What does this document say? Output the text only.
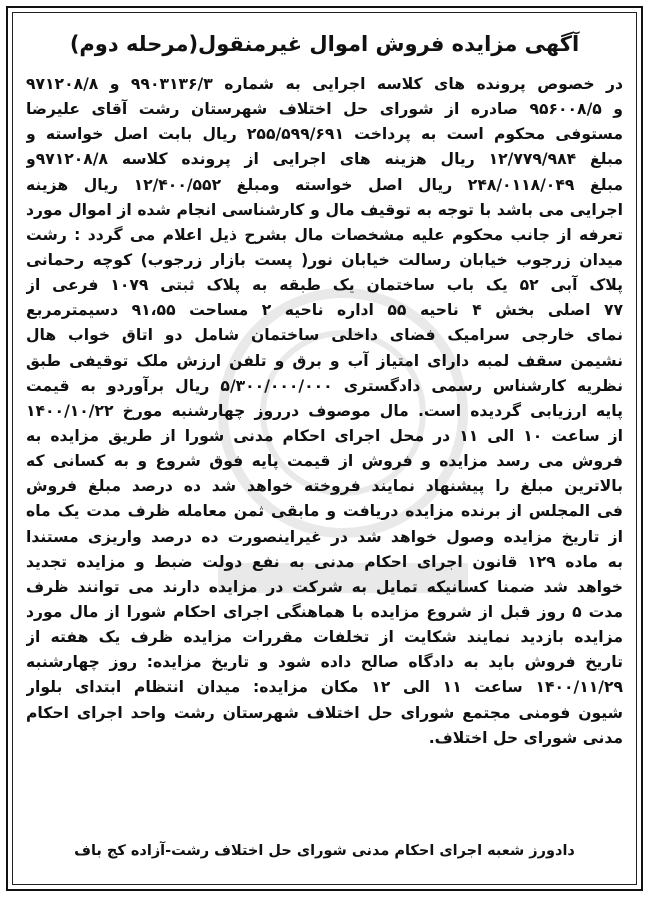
آگهی مزایده فروش اموال غیرمنقول(مرحله دوم)
در خصوص پرونده های کلاسه اجرایی به شماره ۹۹۰۳۱۳۶/۳ و ۹۷۱۲۰۸/۸
و ۹۵۶۰۰۸/۵ صادره از شورای حل اختلاف شهرستان رشت آقای علیرضا
مستوفی محکوم است به پرداخت ۲۵۵/۵۹۹/۶۹۱ ریال بابت اصل خواسته و
مبلغ ۱۲/۷۷۹/۹۸۴ ریال هزینه های اجرایی از پرونده کلاسه ۹۷۱۲۰۸/۸و
مبلغ ۲۴۸/۰۱۱۸/۰۴۹ ریال اصل خواسته ومبلغ ۱۲/۴۰۰/۵۵۲ ریال هزینه
اجرایی می باشد با توجه به توقیف مال و کارشناسی انجام شده از اموال مورد
تعرفه از جانب محکوم علیه مشخصات مال بشرح ذیل اعلام می گردد : رشت
میدان زرجوب خیابان رسالت خیابان نور( پست بازار زرجوب) کوچه رحمانی
پلاک آبی ۵۲ یک باب ساختمان یک طبقه به پلاک ثبتی ۱۰۷۹ فرعی از
۷۷ اصلی بخش ۴ ناحیه ۵۵ اداره ناحیه ۲ مساحت ۹۱،۵۵ دسیمترمربع
نمای خارجی سرامیک فضای داخلی ساختمان شامل دو اتاق خواب هال
نشیمن سقف لمبه دارای امتیاز آب و برق و تلفن ارزش ملک توقیفی طبق
نظریه کارشناس رسمی دادگستری ۵/۳۰۰/۰۰۰/۰۰۰ ریال برآوردو به قیمت
پایه ارزیابی گردیده است. مال موصوف درروز چهارشنبه مورخ ۱۴۰۰/۱۰/۲۲
از ساعت ۱۰ الی ۱۱ در محل اجرای احکام مدنی شورا از طریق مزایده به
فروش می رسد مزایده و فروش از قیمت پایه فوق شروع و به کسانی که
بالاترین مبلغ را پیشنهاد نمایند فروخته خواهد شد ده درصد مبلغ فروش
فی المجلس از برنده مزایده دریافت و مابقی ثمن معامله ظرف مدت یک ماه
از تاریخ مزایده وصول خواهد شد در غیراینصورت ده درصد واریزی مستندا
به ماده ۱۲۹ قانون اجرای احکام مدنی به نفع دولت ضبط و مزایده تجدید
خواهد شد ضمنا کسانیکه تمایل به شرکت در مزایده دارند می توانند ظرف
مدت ۵ روز قبل از شروع مزایده با هماهنگی اجرای احکام شورا از مال مورد
مزایده بازدید نمایند شکایت از تخلفات مقررات مزایده ظرف یک هفته از
تاریخ فروش باید به دادگاه صالح داده شود و تاریخ مزایده: روز چهارشنبه
۱۴۰۰/۱۱/۲۹ ساعت ۱۱ الی ۱۲ مکان مزایده: میدان انتظام ابتدای بلوار
شیون فومنی مجتمع شورای حل اختلاف شهرستان رشت واحد اجرای احکام
مدنی شورای حل اختلاف.
دادورز شعبه اجرای احکام مدنی شورای حل اختلاف رشت-آزاده کج باف
